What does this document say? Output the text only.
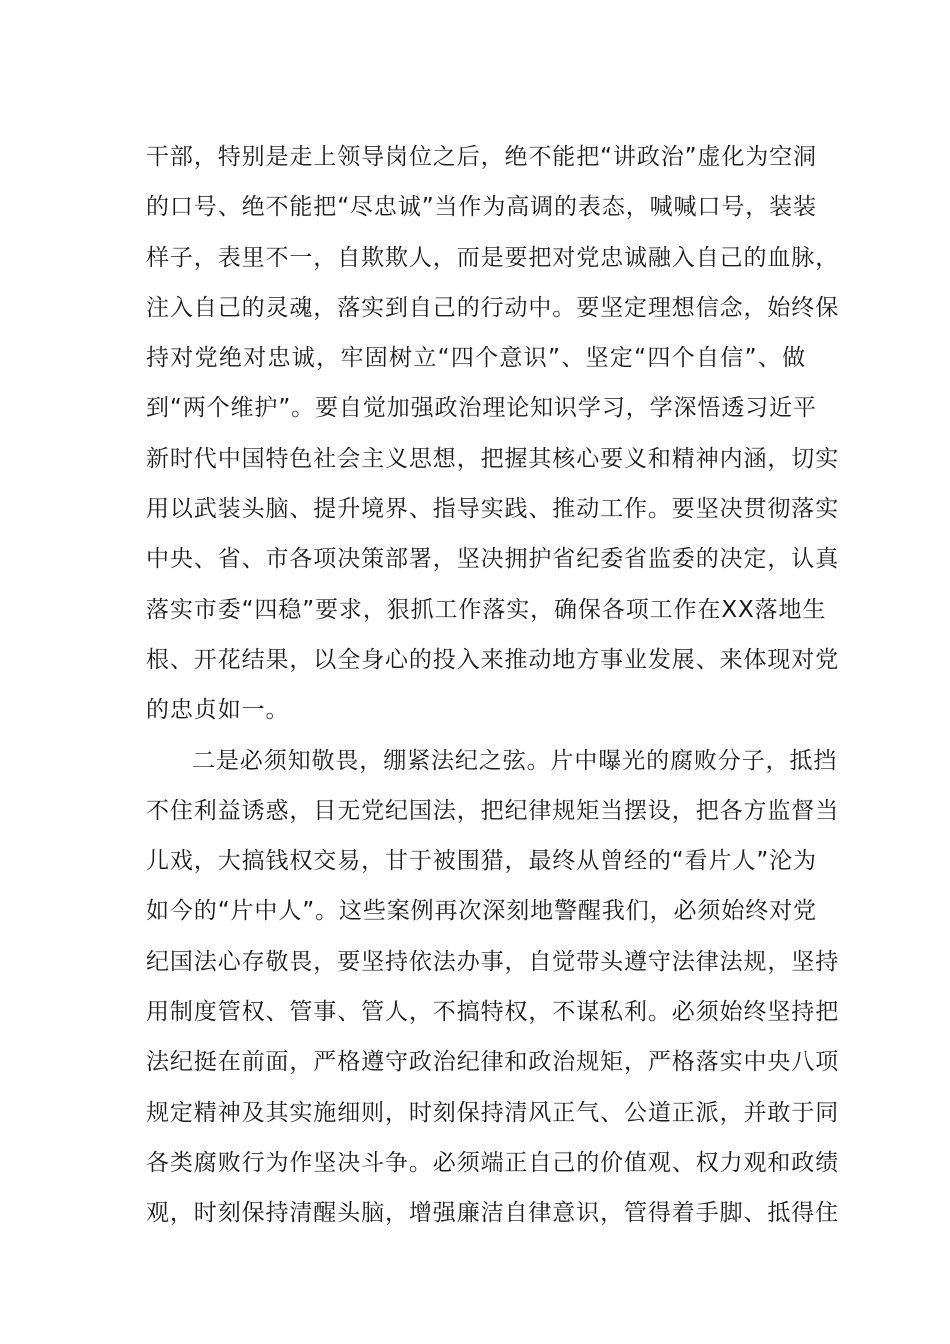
干部，特别是走上领导岗位之后，绝不能把“讲政治”虚化为空洞
的口号、绝不能把“尽忠诚”当作为高调的表态，喊喊口号，装装
样子，表里不一，自欺欺人，而是要把对党忠诚融入自己的血脉，
注入自己的灵魂，落实到自己的行动中。要坚定理想信念，始终保
持对党绝对忠诚，牢固树立“四个意识”、坚定“四个自信”、做
到“两个维护”。要自觉加强政治理论知识学习，学深悟透习近平
新时代中国特色社会主义思想，把握其核心要义和精神内涵，切实
用以武装头脑、提升境界、指导实践、推动工作。要坚决贯彻落实
中央、省、市各项决策部署，坚决拥护省纪委省监委的决定，认真
落实市委“四稳”要求，狠抓工作落实，确保各项工作在XX落地生
根、开花结果，以全身心的投入来推动地方事业发展、来体现对党
的忠贞如一。
二是必须知敬畏，绷紧法纪之弦。片中曝光的腐败分子，抵挡
不住利益诱惑，目无党纪国法，把纪律规矩当摆设，把各方监督当
儿戏，大搞钱权交易，甘于被围猎，最终从曾经的“看片人”沦为
如今的“片中人”。这些案例再次深刻地警醒我们，必须始终对党
纪国法心存敬畏，要坚持依法办事，自觉带头遵守法律法规，坚持
用制度管权、管事、管人，不搞特权，不谋私利。必须始终坚持把
法纪挺在前面，严格遵守政治纪律和政治规矩，严格落实中央八项
规定精神及其实施细则，时刻保持清风正气、公道正派，并敢于同
各类腐败行为作坚决斗争。必须端正自己的价值观、权力观和政绩
观，时刻保持清醒头脑，增强廉洁自律意识，管得着手脚、抵得住
